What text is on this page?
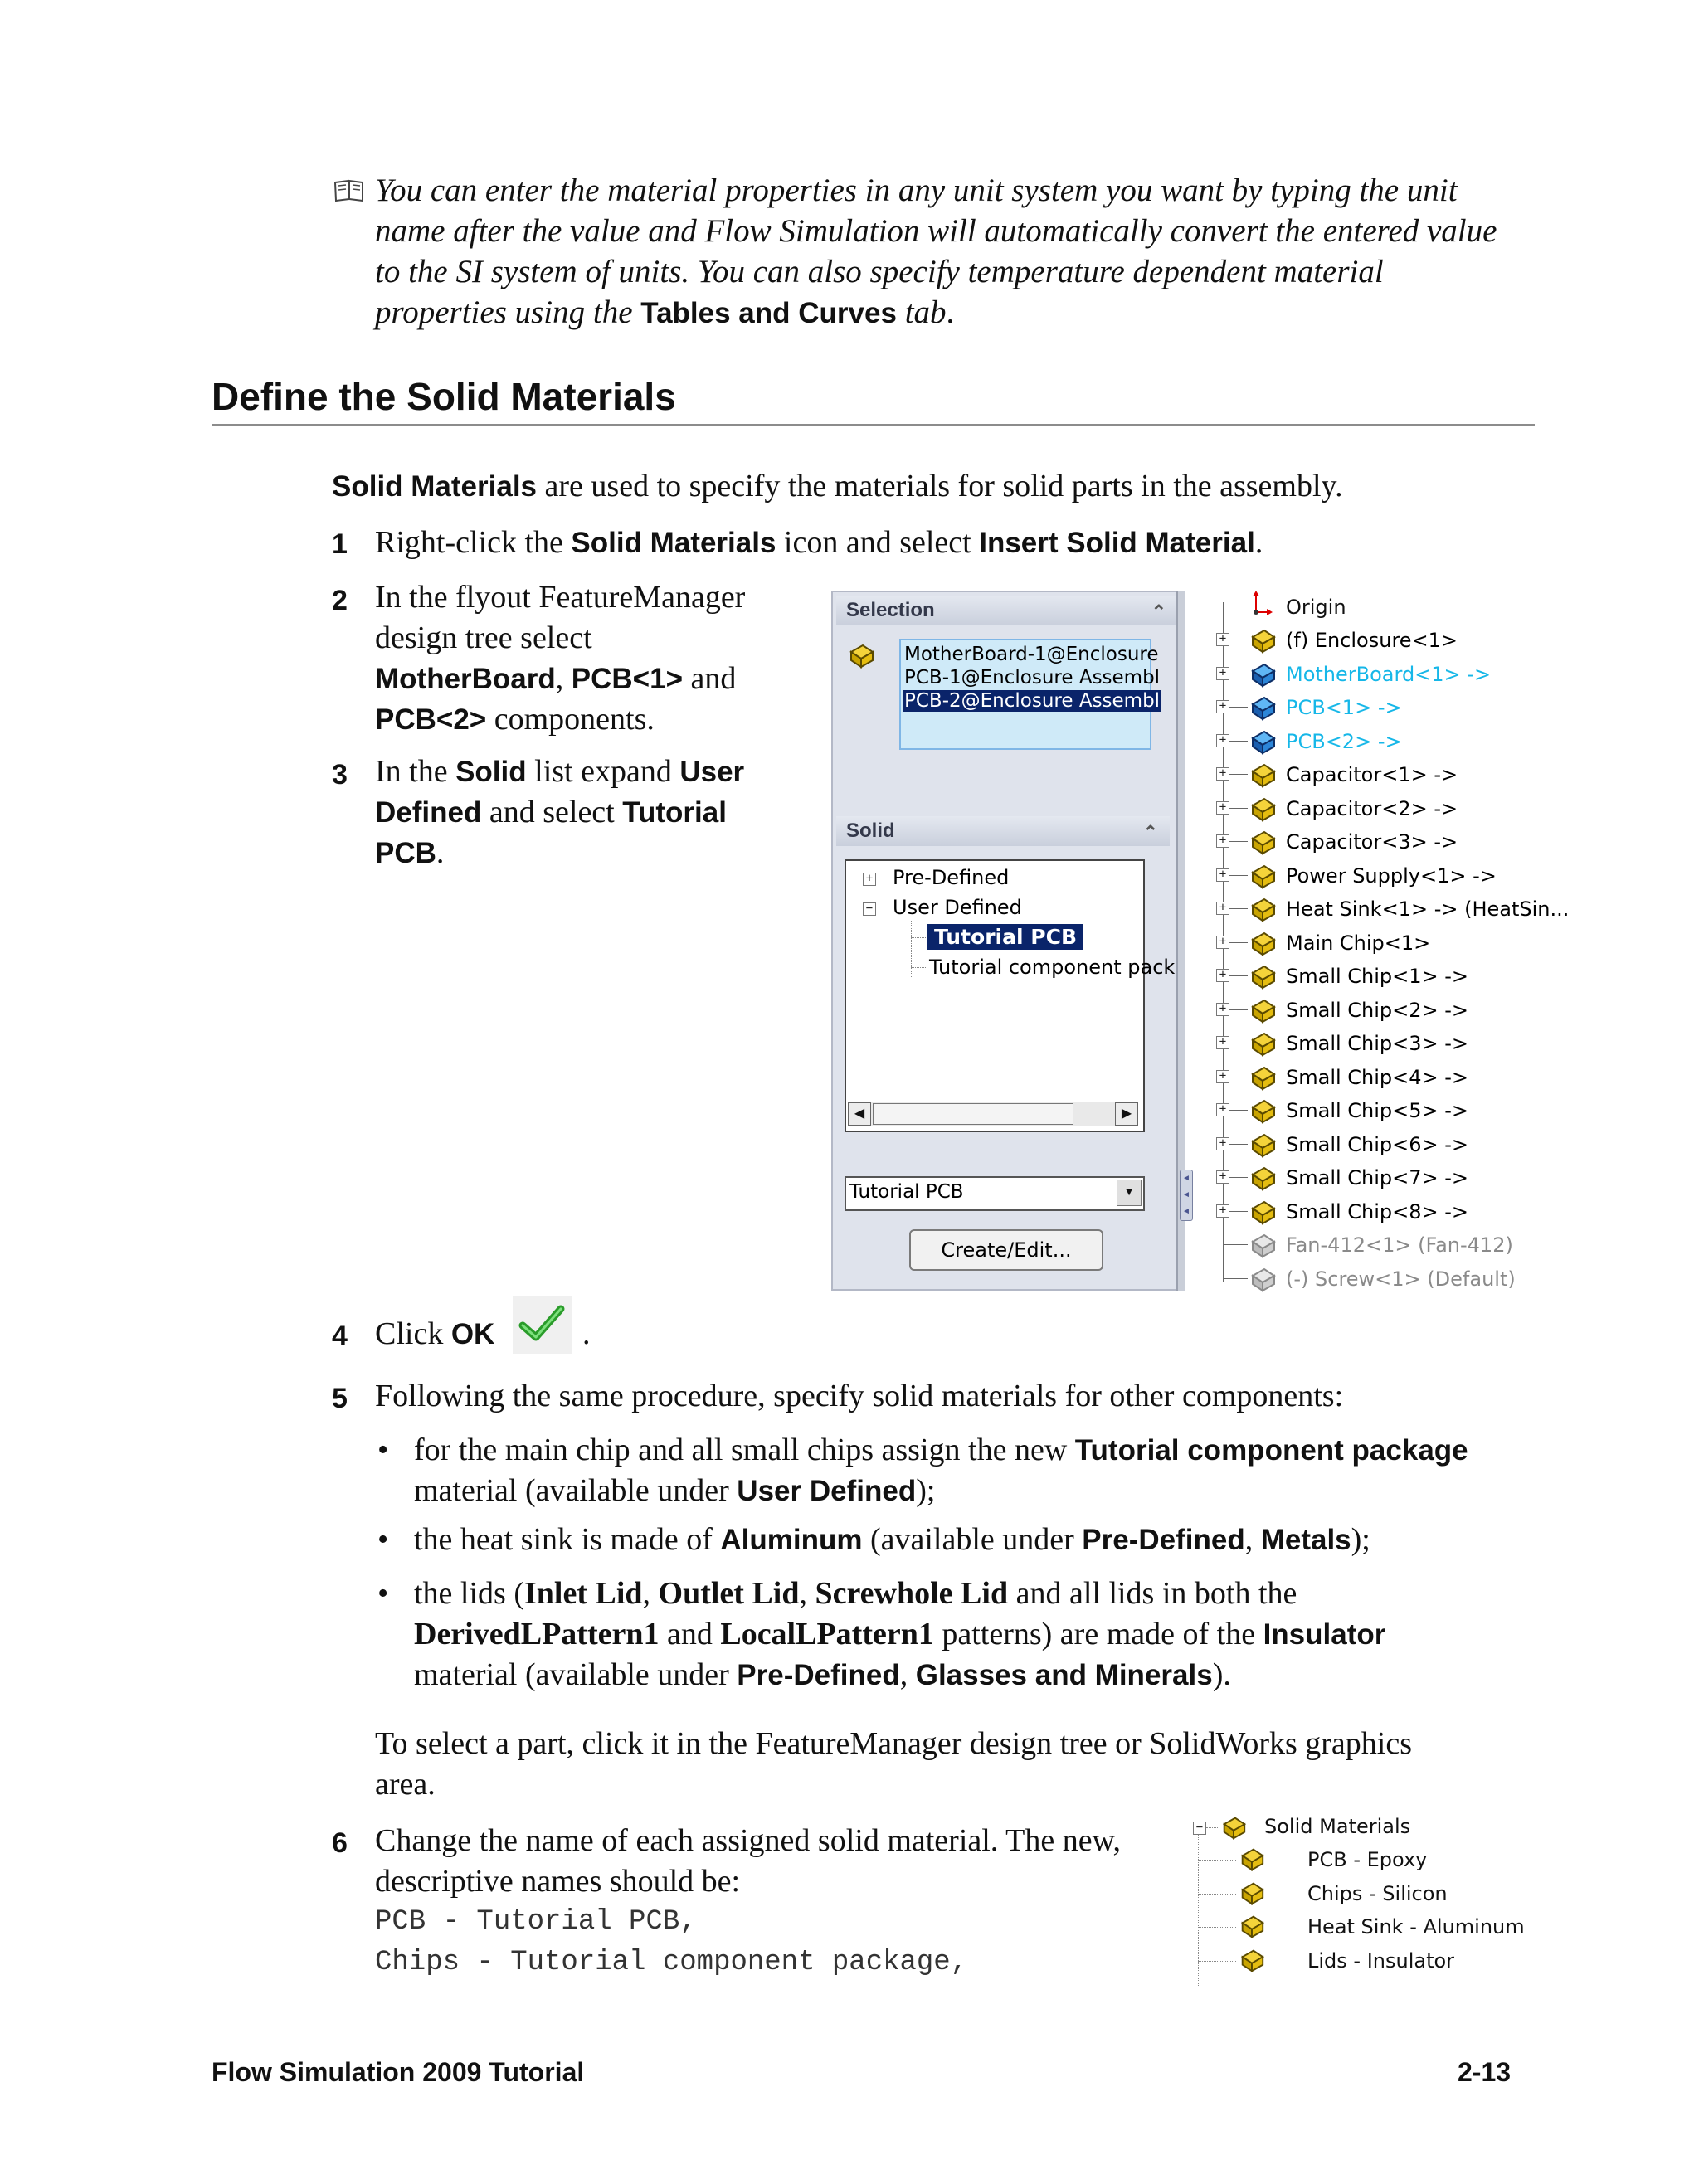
You can enter the material properties in any unit system you want by typing the unit
name after the value and Flow Simulation will automatically convert the entered value
to the SI system of units. You can also specify temperature dependent material
properties using the Tables and Curves tab.
Define the Solid Materials
Solid Materials are used to specify the materials for solid parts in the assembly.
1 Right-click the Solid Materials icon and select Insert Solid Material.
2 In the flyout FeatureManager
design tree select
MotherBoard, PCB<1> and
PCB<2> components.
3 In the Solid list expand User
Defined and select Tutorial
PCB.
Selection	⌃
MotherBoard-1@Enclosure
PCB-1@Enclosure Assembl
PCB-2@Enclosure Assembl
Solid	⌃
+ Pre-Defined
− User Defined
Tutorial PCB
Tutorial component pack
◀	▶
Tutorial PCB	▼
Create/Edit...
◄
◄
◄
Origin
+	(f) Enclosure<1>
+	MotherBoard<1> ->
+	PCB<1> ->
+	PCB<2> ->
+	Capacitor<1> ->
+	Capacitor<2> ->
+	Capacitor<3> ->
+	Power Supply<1> ->
+	Heat Sink<1> -> (HeatSin...
+	Main Chip<1>
+	Small Chip<1> ->
+	Small Chip<2> ->
+	Small Chip<3> ->
+	Small Chip<4> ->
+	Small Chip<5> ->
+	Small Chip<6> ->
+	Small Chip<7> ->
+	Small Chip<8> ->
Fan-412<1> (Fan-412)
(-) Screw<1> (Default)
4 Click OK	.
5 Following the same procedure, specify solid materials for other components:
• for the main chip and all small chips assign the new Tutorial component package
material (available under User Defined);
• the heat sink is made of Aluminum (available under Pre-Defined, Metals);
• the lids (Inlet Lid, Outlet Lid, Screwhole Lid and all lids in both the
DerivedLPattern1 and LocalLPattern1 patterns) are made of the Insulator
material (available under Pre-Defined, Glasses and Minerals).
To select a part, click it in the FeatureManager design tree or SolidWorks graphics
area.
6 Change the name of each assigned solid material. The new,
descriptive names should be:
PCB - Tutorial PCB,
Chips - Tutorial component package,
−	Solid Materials
PCB - Epoxy
Chips - Silicon
Heat Sink - Aluminum
Lids - Insulator
Flow Simulation 2009 Tutorial	2-13
